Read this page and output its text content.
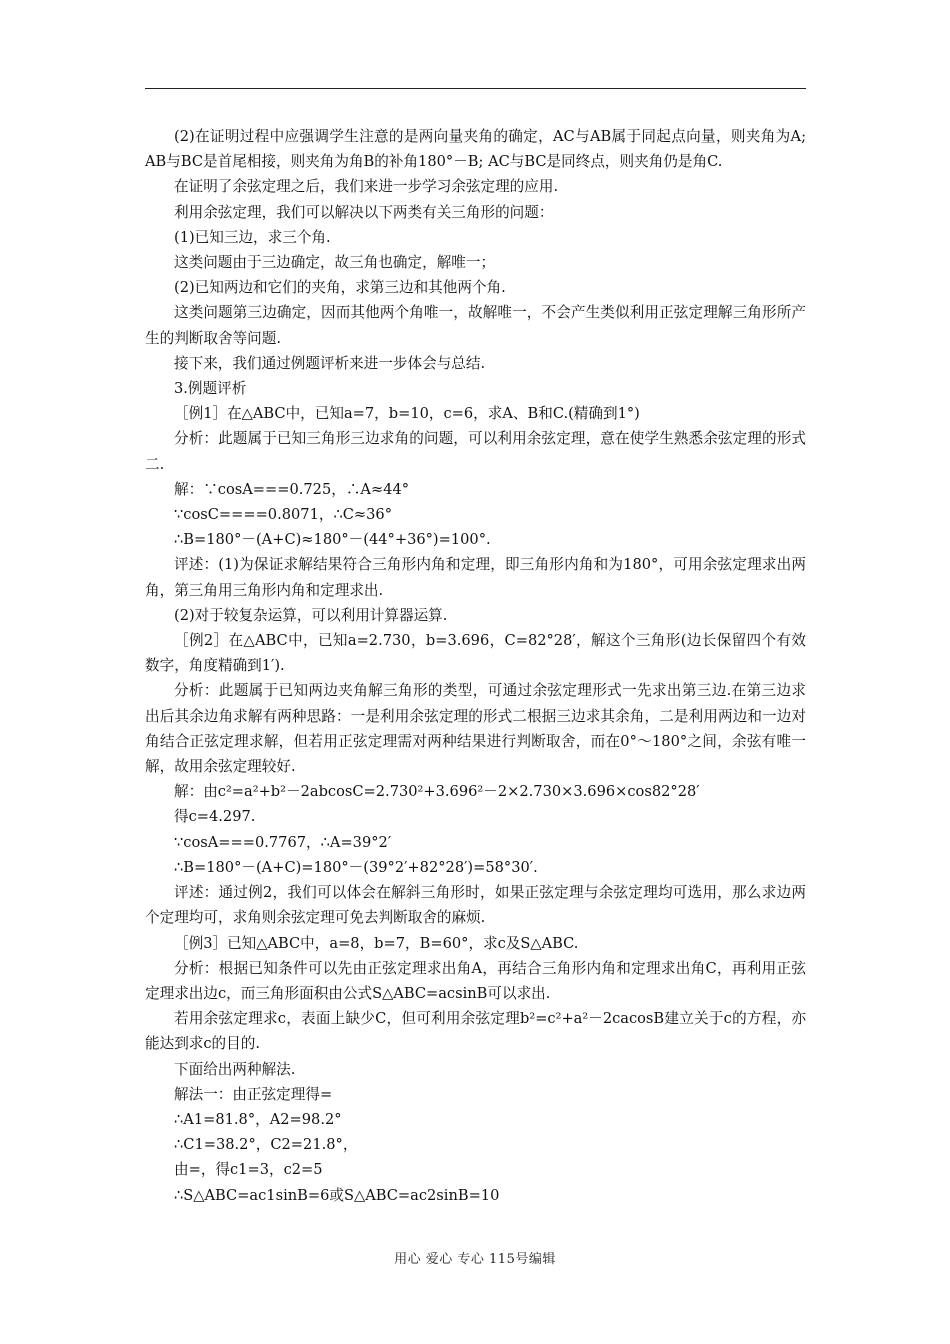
(2)在证明过程中应强调学生注意的是两向量夹角的确定，AC与AB属于同起点向量，则夹角为A; AB与BC是首尾相接，则夹角为角B的补角180°－B; AC与BC是同终点，则夹角仍是角C.

在证明了余弦定理之后，我们来进一步学习余弦定理的应用.

利用余弦定理，我们可以解决以下两类有关三角形的问题：

(1)已知三边，求三个角.

这类问题由于三边确定，故三角也确定，解唯一；

(2)已知两边和它们的夹角，求第三边和其他两个角.

这类问题第三边确定，因而其他两个角唯一，故解唯一，不会产生类似利用正弦定理解三角形所产生的判断取舍等问题.

接下来，我们通过例题评析来进一步体会与总结.

3.例题评析

［例1］在△ABC中，已知a=7，b=10，c=6，求A、B和C.(精确到1°)

分析：此题属于已知三角形三边求角的问题，可以利用余弦定理，意在使学生熟悉余弦定理的形式二.

解：∵cosA===0.725，∴A≈44°

∵cosC====0.8071，∴C≈36°

∴B=180°－(A+C)≈180°－(44°+36°)=100°.

评述：(1)为保证求解结果符合三角形内角和定理，即三角形内角和为180°，可用余弦定理求出两角，第三角用三角形内角和定理求出.

(2)对于较复杂运算，可以利用计算器运算.

［例2］在△ABC中，已知a=2.730，b=3.696，C=82°28′，解这个三角形(边长保留四个有效数字，角度精确到1′).

分析：此题属于已知两边夹角解三角形的类型，可通过余弦定理形式一先求出第三边.在第三边求出后其余边角求解有两种思路：一是利用余弦定理的形式二根据三边求其余角，二是利用两边和一边对角结合正弦定理求解，但若用正弦定理需对两种结果进行判断取舍，而在0°～180°之间，余弦有唯一解，故用余弦定理较好.

解：由c²=a²+b²－2abcosC=2.730²+3.696²－2×2.730×3.696×cos82°28′

得c=4.297.

∵cosA===0.7767，∴A=39°2′

∴B=180°－(A+C)=180°－(39°2′+82°28′)=58°30′.

评述：通过例2，我们可以体会在解斜三角形时，如果正弦定理与余弦定理均可选用，那么求边两个定理均可，求角则余弦定理可免去判断取舍的麻烦.

［例3］已知△ABC中，a=8，b=7，B=60°，求c及S△ABC.

分析：根据已知条件可以先由正弦定理求出角A，再结合三角形内角和定理求出角C，再利用正弦定理求出边c，而三角形面积由公式S△ABC=acsinB可以求出.

若用余弦定理求c，表面上缺少C，但可利用余弦定理b²=c²+a²－2cacosB建立关于c的方程，亦能达到求c的目的.

下面给出两种解法.

解法一：由正弦定理得=

∴A1=81.8°，A2=98.2°

∴C1=38.2°，C2=21.8°，

由=，得c1=3，c2=5

∴S△ABC=ac1sinB=6或S△ABC=ac2sinB=10

用心 爱心 专心 115号编辑
